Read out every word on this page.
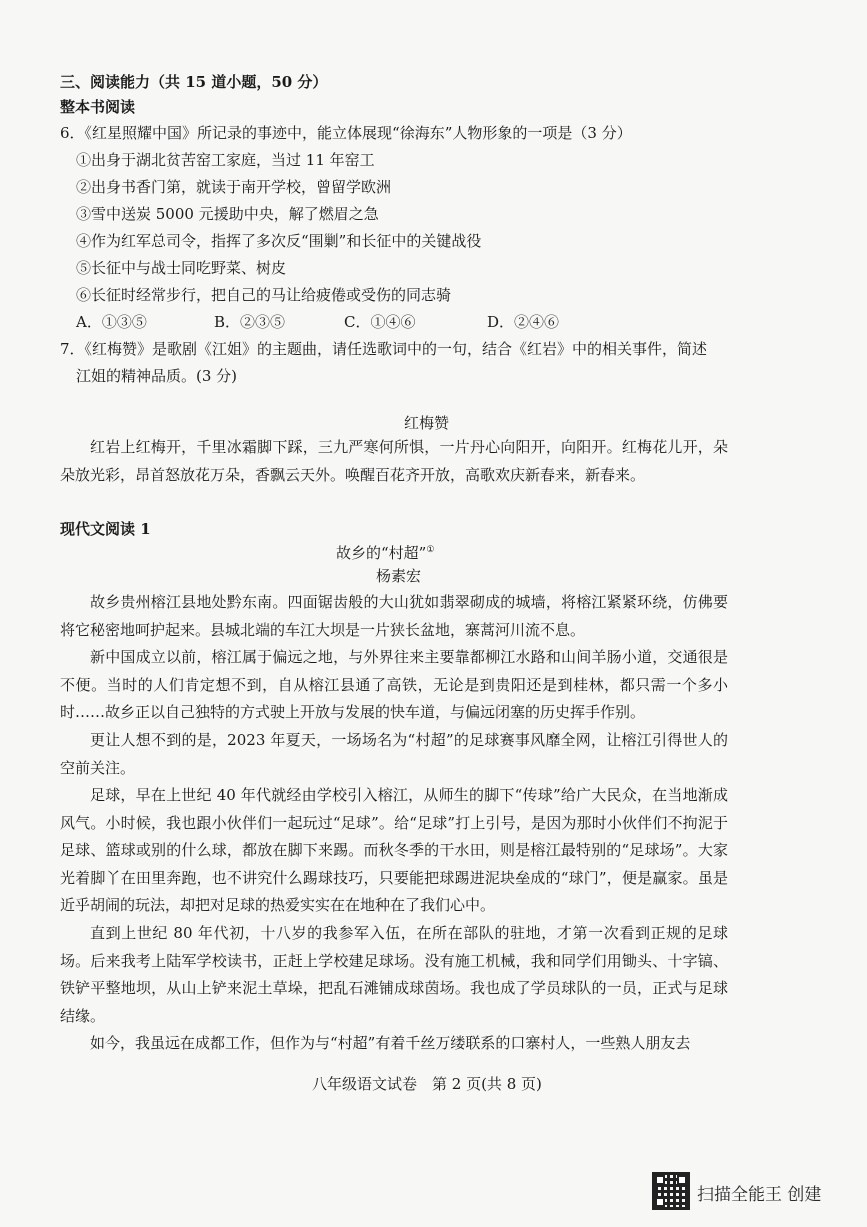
三、阅读能力（共 15 道小题，50 分）
整本书阅读
6．《红星照耀中国》所记录的事迹中，能立体展现“徐海东”人物形象的一项是（3 分）
①出身于湖北贫苦窑工家庭，当过 11 年窑工
②出身书香门第，就读于南开学校，曾留学欧洲
③雪中送炭 5000 元援助中央，解了燃眉之急
④作为红军总司令，指挥了多次反“围剿”和长征中的关键战役
⑤长征中与战士同吃野菜、树皮
⑥长征时经常步行，把自己的马让给疲倦或受伤的同志骑
A．①③⑤	B．②③⑤	C．①④⑥	D．②④⑥
7．《红梅赞》是歌剧《江姐》的主题曲，请任选歌词中的一句，结合《红岩》中的相关事件，简述
江姐的精神品质。(3 分)
红梅赞
红岩上红梅开，千里冰霜脚下踩，三九严寒何所惧，一片丹心向阳开，向阳开。红梅花儿开，朵朵放光彩，昂首怒放花万朵，香飘云天外。唤醒百花齐开放，高歌欢庆新春来，新春来。
现代文阅读 1
故乡的“村超”①
杨素宏
故乡贵州榕江县地处黔东南。四面锯齿般的大山犹如翡翠砌成的城墙，将榕江紧紧环绕，仿佛要将它秘密地呵护起来。县城北端的车江大坝是一片狭长盆地，寨蒿河川流不息。
新中国成立以前，榕江属于偏远之地，与外界往来主要靠都柳江水路和山间羊肠小道，交通很是不便。当时的人们肯定想不到，自从榕江县通了高铁，无论是到贵阳还是到桂林，都只需一个多小时……故乡正以自己独特的方式驶上开放与发展的快车道，与偏远闭塞的历史挥手作别。
更让人想不到的是，2023 年夏天，一场场名为“村超”的足球赛事风靡全网，让榕江引得世人的空前关注。
足球，早在上世纪 40 年代就经由学校引入榕江，从师生的脚下“传球”给广大民众，在当地渐成风气。小时候，我也跟小伙伴们一起玩过“足球”。给“足球”打上引号，是因为那时小伙伴们不拘泥于足球、篮球或别的什么球，都放在脚下来踢。而秋冬季的干水田，则是榕江最特别的“足球场”。大家光着脚丫在田里奔跑，也不讲究什么踢球技巧，只要能把球踢进泥块垒成的“球门”，便是赢家。虽是近乎胡闹的玩法，却把对足球的热爱实实在在地种在了我们心中。
直到上世纪 80 年代初，十八岁的我参军入伍，在所在部队的驻地，才第一次看到正规的足球场。后来我考上陆军学校读书，正赶上学校建足球场。没有施工机械，我和同学们用锄头、十字镐、铁铲平整地坝，从山上铲来泥土草垛，把乱石滩铺成球茵场。我也成了学员球队的一员，正式与足球结缘。
如今，我虽远在成都工作，但作为与“村超”有着千丝万缕联系的口寨村人，一些熟人朋友去
八年级语文试卷　第 2 页(共 8 页)
扫描全能王 创建
